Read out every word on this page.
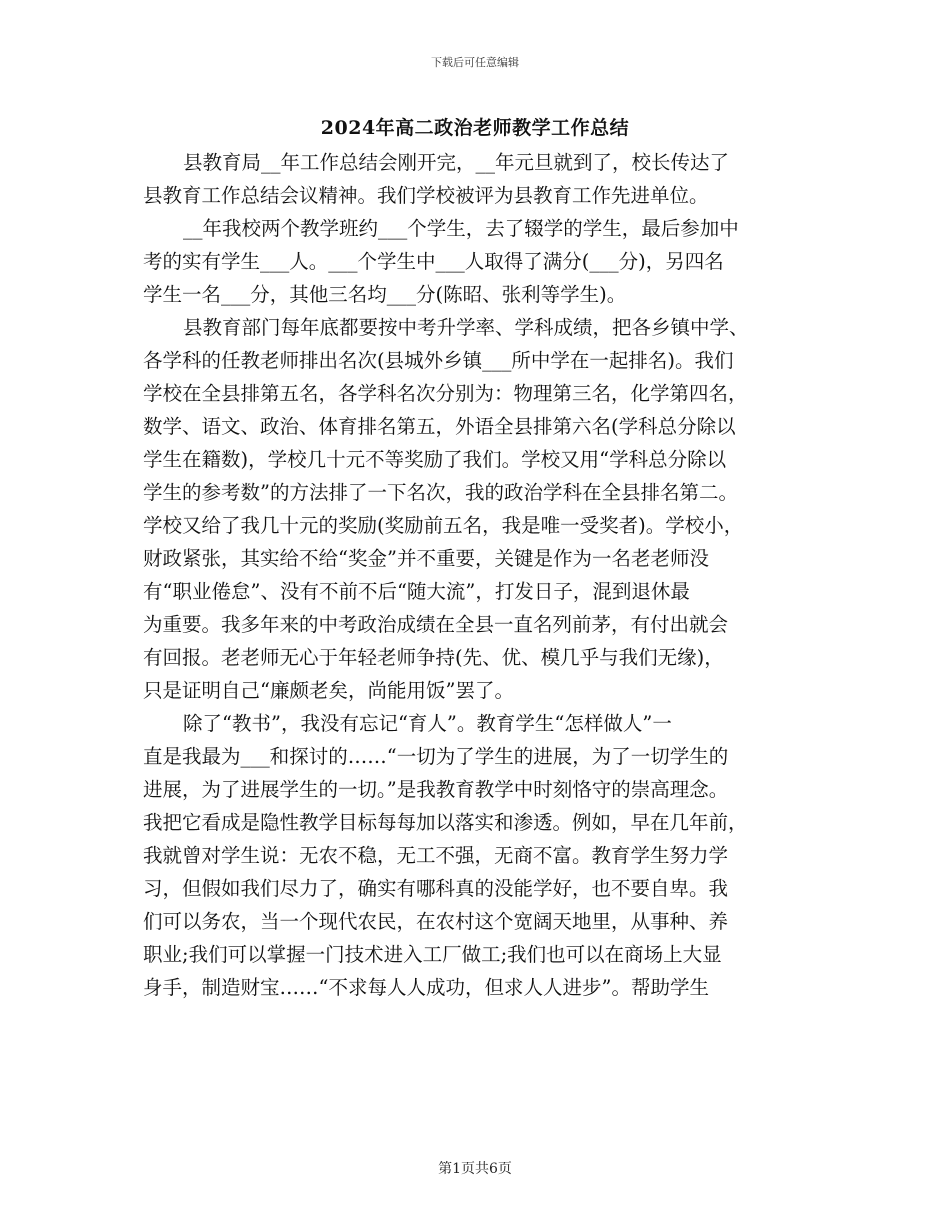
下载后可任意编辑
2024年高二政治老师教学工作总结
县教育局__年工作总结会刚开完，__年元旦就到了，校长传达了
县教育工作总结会议精神。我们学校被评为县教育工作先进单位。
__年我校两个教学班约___个学生，去了辍学的学生，最后参加中
考的实有学生___人。___个学生中___人取得了满分(___分)，另四名
学生一名___分，其他三名均___分(陈昭、张利等学生)。
县教育部门每年底都要按中考升学率、学科成绩，把各乡镇中学、
各学科的任教老师排出名次(县城外乡镇___所中学在一起排名)。我们
学校在全县排第五名，各学科名次分别为：物理第三名，化学第四名，
数学、语文、政治、体育排名第五，外语全县排第六名(学科总分除以
学生在籍数)，学校几十元不等奖励了我们。学校又用“学科总分除以
学生的参考数”的方法排了一下名次，我的政治学科在全县排名第二。
学校又给了我几十元的奖励(奖励前五名，我是唯一受奖者)。学校小，
财政紧张，其实给不给“奖金”并不重要，关键是作为一名老老师没
有“职业倦怠”、没有不前不后“随大流”，打发日子，混到退休最
为重要。我多年来的中考政治成绩在全县一直名列前茅，有付出就会
有回报。老老师无心于年轻老师争持(先、优、模几乎与我们无缘)，
只是证明自己“廉颇老矣，尚能用饭”罢了。
除了“教书”，我没有忘记“育人”。教育学生“怎样做人”一
直是我最为___和探讨的……“一切为了学生的进展，为了一切学生的
进展，为了进展学生的一切。”是我教育教学中时刻恪守的崇高理念。
我把它看成是隐性教学目标每每加以落实和渗透。例如，早在几年前，
我就曾对学生说：无农不稳，无工不强，无商不富。教育学生努力学
习，但假如我们尽力了，确实有哪科真的没能学好，也不要自卑。我
们可以务农，当一个现代农民，在农村这个宽阔天地里，从事种、养
职业;我们可以掌握一门技术进入工厂做工;我们也可以在商场上大显
身手，制造财宝……“不求每人人成功，但求人人进步”。帮助学生
第1页共6页
